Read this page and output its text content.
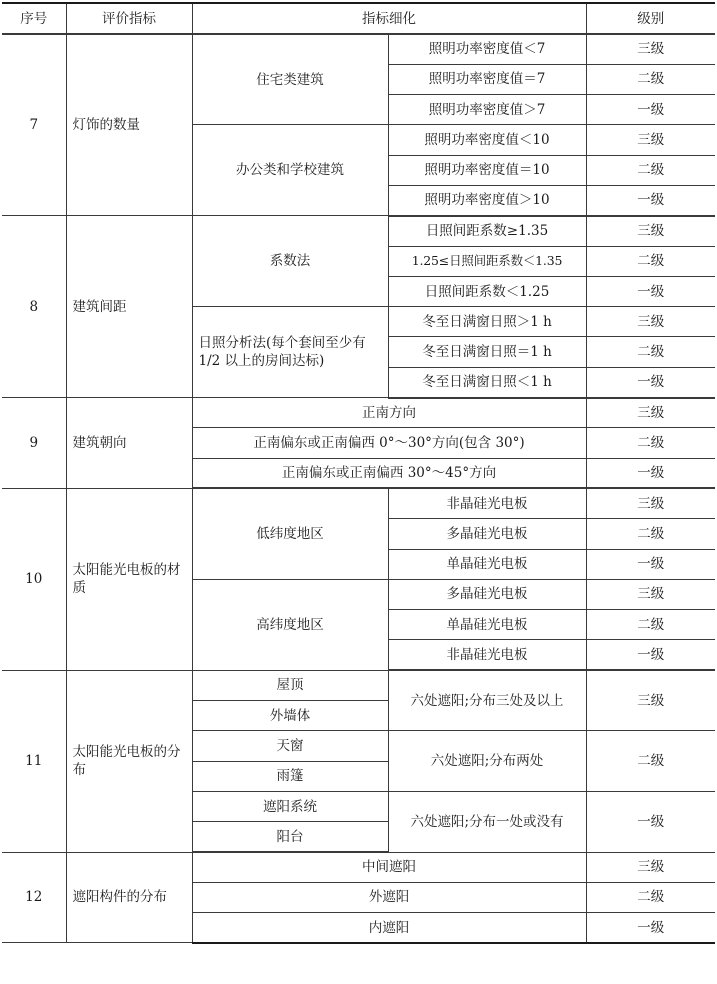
序号	评价指标	指标细化		级别
7	灯饰的数量	住宅类建筑	照明功率密度值＜7	三级
			照明功率密度值＝7	二级
			照明功率密度值＞7	一级
		办公类和学校建筑	照明功率密度值＜10	三级
			照明功率密度值＝10	二级
			照明功率密度值＞10	一级
8	建筑间距	系数法	日照间距系数≥1.35	三级
			1.25≤日照间距系数＜1.35	二级
			日照间距系数＜1.25	一级
		日照分析法(每个套间至少有 1/2 以上的房间达标)	冬至日满窗日照＞1 h	三级
			冬至日满窗日照＝1 h	二级
			冬至日满窗日照＜1 h	一级
9	建筑朝向	正南方向		三级
		正南偏东或正南偏西 0°～30°方向(包含 30°)		二级
		正南偏东或正南偏西 30°～45°方向		一级
10	太阳能光电板的材质	低纬度地区	非晶硅光电板	三级
			多晶硅光电板	二级
			单晶硅光电板	一级
		高纬度地区	多晶硅光电板	三级
			单晶硅光电板	二级
			非晶硅光电板	一级
11	太阳能光电板的分布	屋顶	六处遮阳;分布三处及以上	三级
		外墙体		
		天窗	六处遮阳;分布两处	二级
		雨篷		
		遮阳系统	六处遮阳;分布一处或没有	一级
		阳台		
12	遮阳构件的分布	中间遮阳		三级
		外遮阳		二级
		内遮阳		一级
